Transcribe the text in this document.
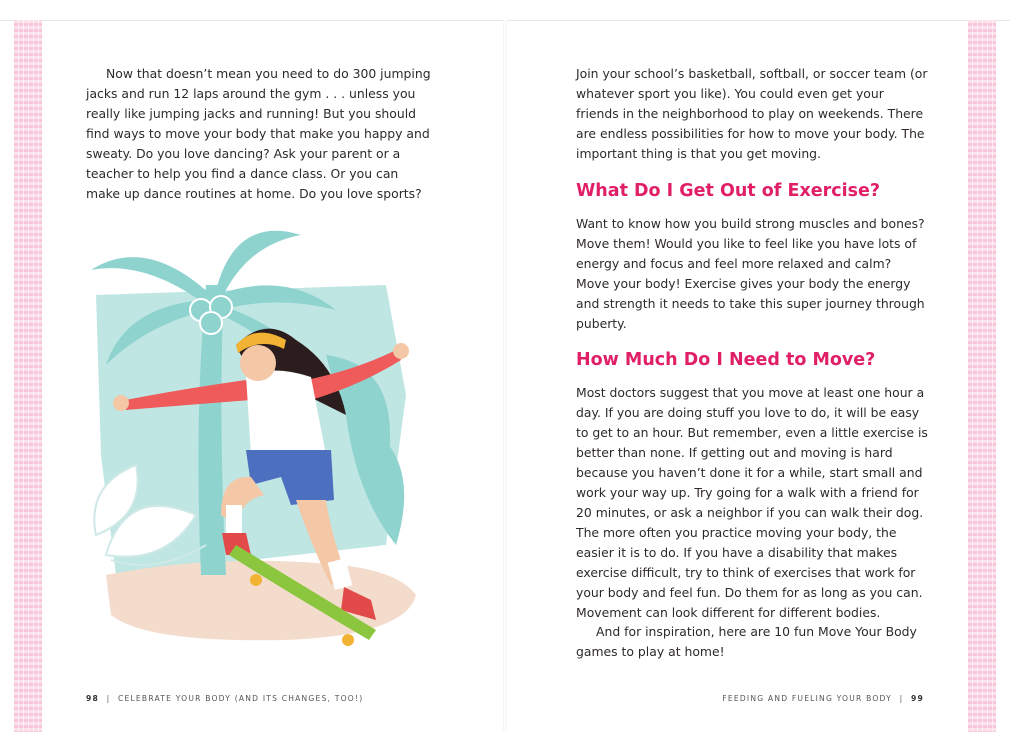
Now that doesn’t mean you need to do 300 jumping jacks and run 12 laps around the gym . . . unless you really like jumping jacks and running! But you should find ways to move your body that make you happy and sweaty. Do you love dancing? Ask your parent or a teacher to help you find a dance class. Or you can make up dance routines at home. Do you love sports?

98 | CELEBRATE YOUR BODY (AND ITS CHANGES, TOO!)

Join your school’s basketball, softball, or soccer team (or whatever sport you like). You could even get your friends in the neighborhood to play on weekends. There are endless possibilities for how to move your body. The important thing is that you get moving.

What Do I Get Out of Exercise?

Want to know how you build strong muscles and bones? Move them! Would you like to feel like you have lots of energy and focus and feel more relaxed and calm? Move your body! Exercise gives your body the energy and strength it needs to take this super journey through puberty.

How Much Do I Need to Move?

Most doctors suggest that you move at least one hour a day. If you are doing stuff you love to do, it will be easy to get to an hour. But remember, even a little exercise is better than none. If getting out and moving is hard because you haven’t done it for a while, start small and work your way up. Try going for a walk with a friend for 20 minutes, or ask a neighbor if you can walk their dog. The more often you practice moving your body, the easier it is to do. If you have a disability that makes exercise difficult, try to think of exercises that work for your body and feel fun. Do them for as long as you can. Movement can look different for different bodies.

And for inspiration, here are 10 fun Move Your Body games to play at home!

FEEDING AND FUELING YOUR BODY | 99
